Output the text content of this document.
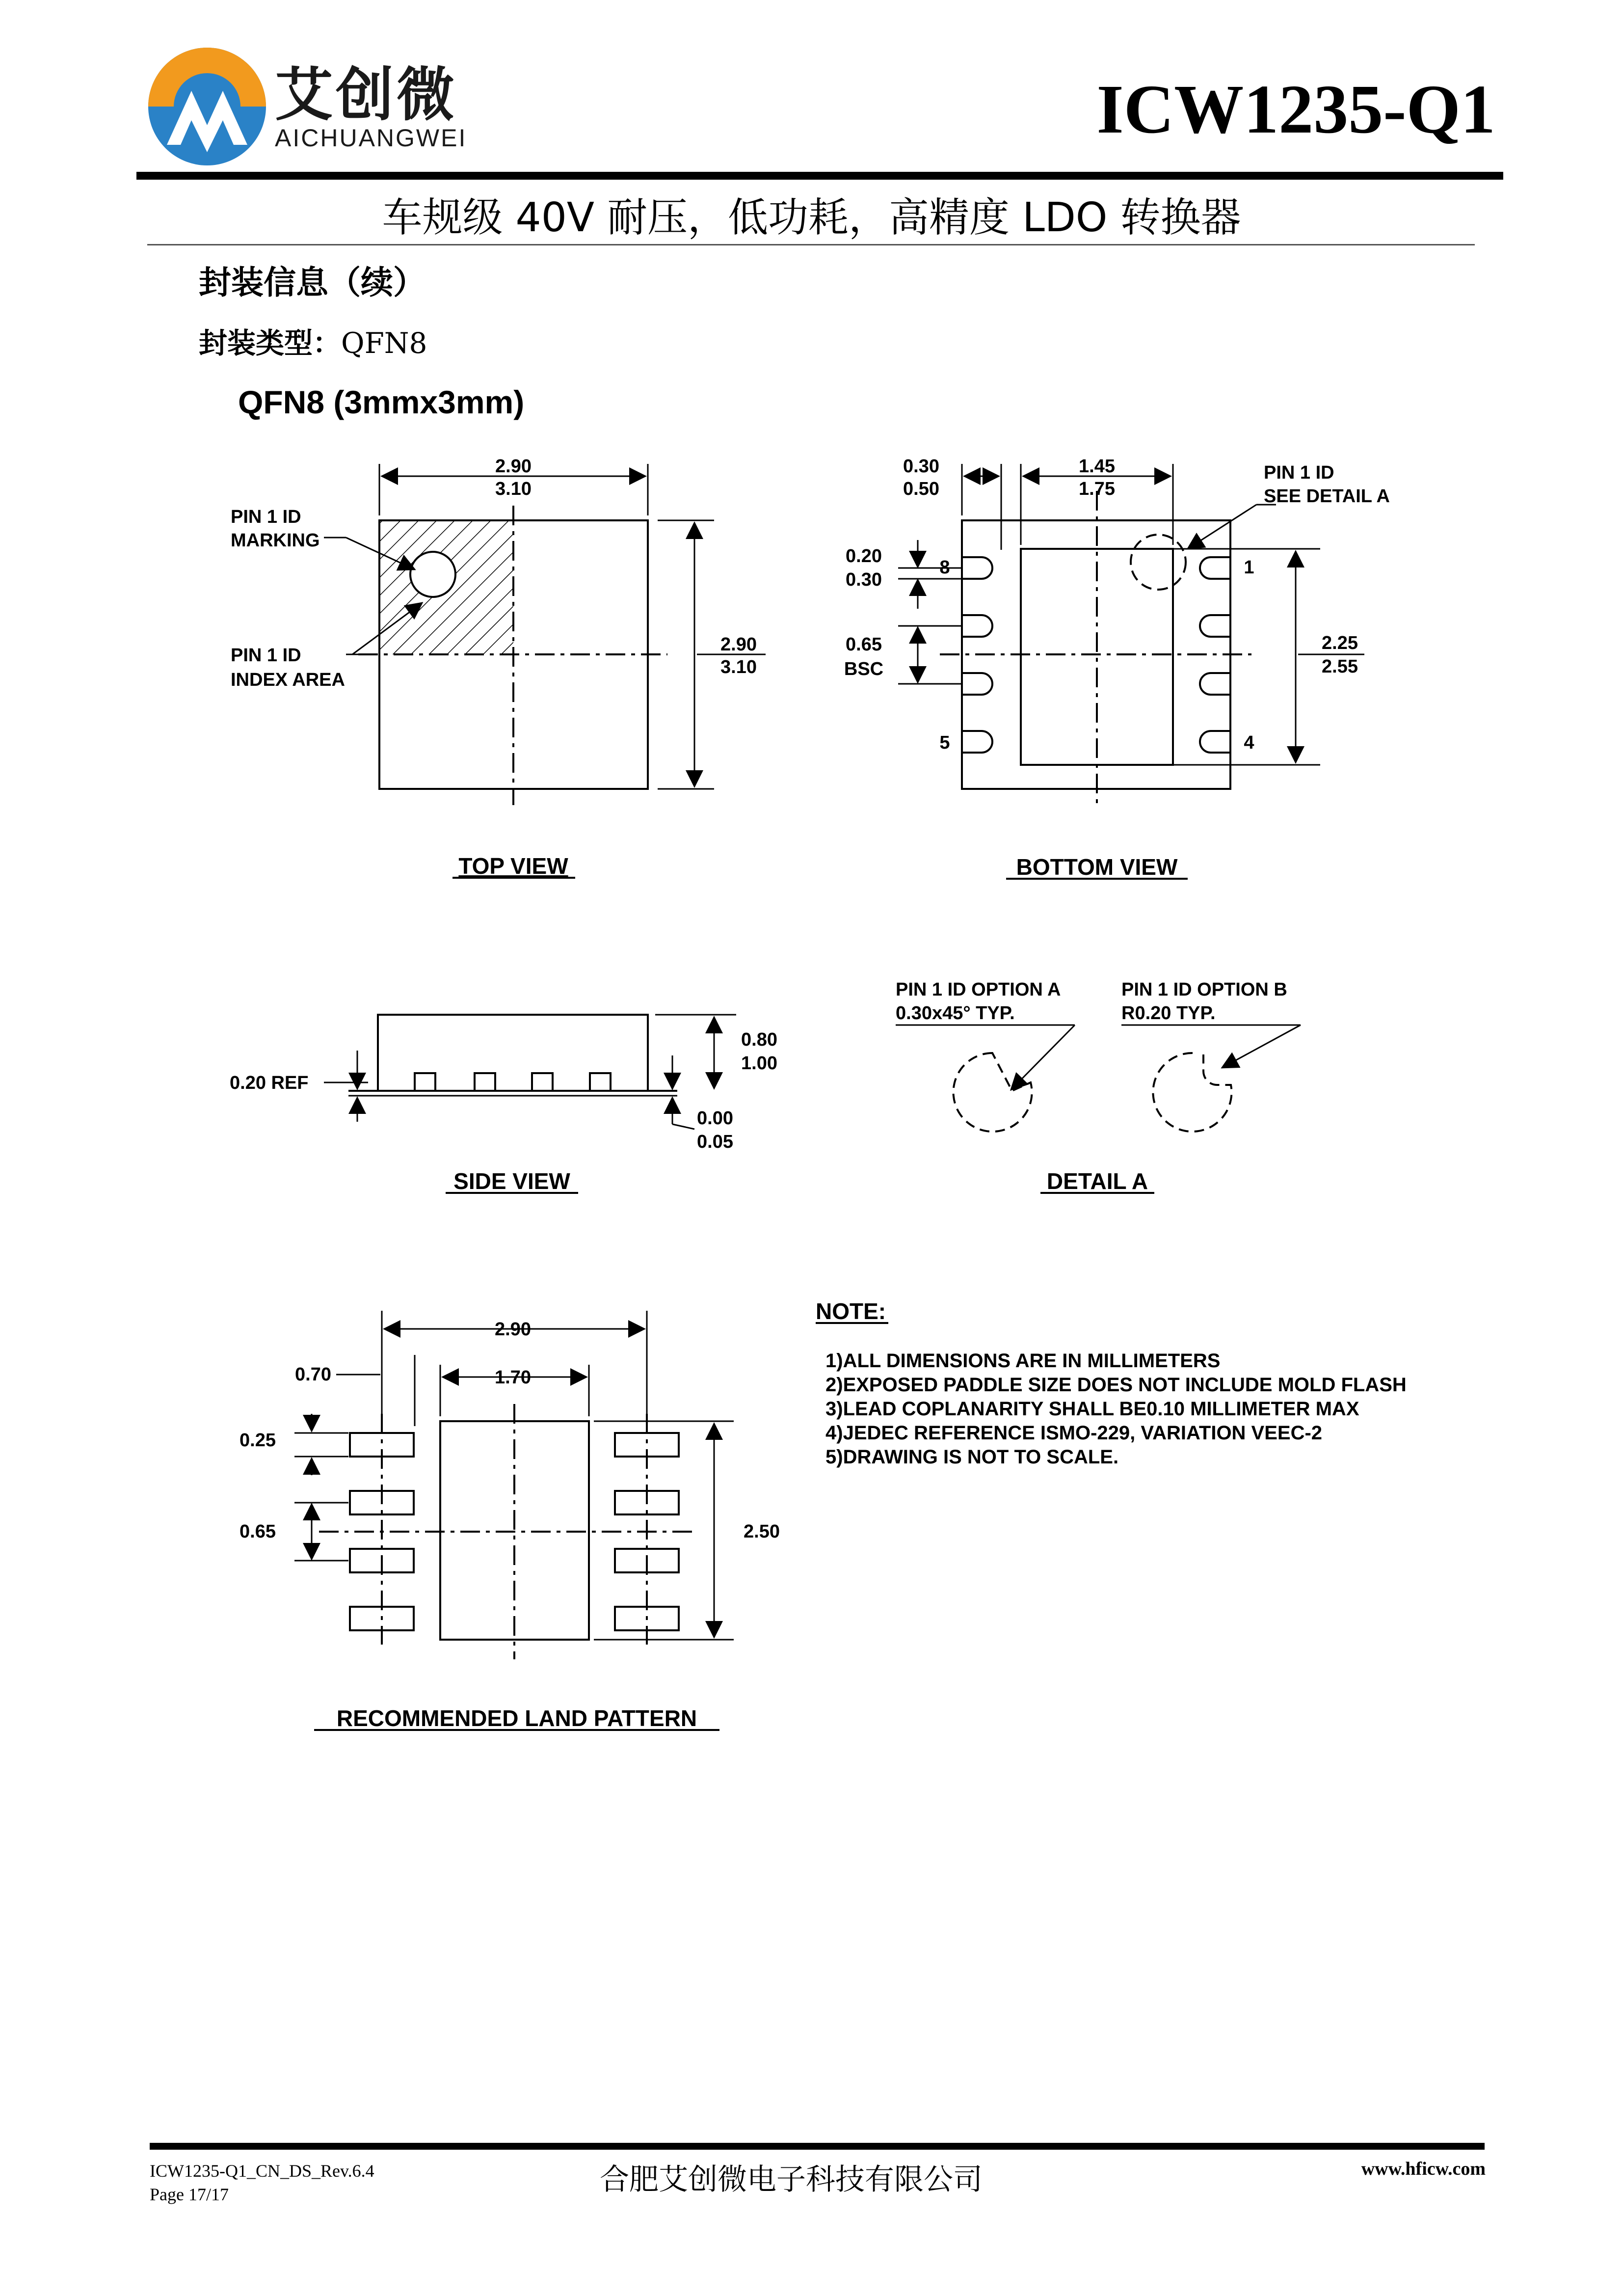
艾创微
AICHUANGWEI	ICW1235-Q1
车规级 40V 耐压，低功耗，高精度 LDO 转换器
封装信息（续）
封装类型：QFN8
QFN8 (3mmx3mm)
2.90
3.10
2.90
3.10
PIN 1 ID
MARKING
PIN 1 ID
INDEX AREA
TOP VIEW
0.30
0.50
1.45
1.75
0.20
0.30
0.65
BSC
2.25
2.55
8
5
1
4
PIN 1 ID
SEE DETAIL A
BOTTOM VIEW
0.20 REF
0.80
1.00
0.00
0.05
SIDE VIEW
PIN 1 ID OPTION A
0.30x45° TYP.
PIN 1 ID OPTION B
R0.20 TYP.
DETAIL A
2.90
0.70	1.70
0.25
0.65	2.50
RECOMMENDED LAND PATTERN
NOTE:
1)ALL DIMENSIONS ARE IN MILLIMETERS
2)EXPOSED PADDLE SIZE DOES NOT INCLUDE MOLD FLASH
3)LEAD COPLANARITY SHALL BE0.10 MILLIMETER MAX
4)JEDEC REFERENCE ISMO-229, VARIATION VEEC-2
5)DRAWING IS NOT TO SCALE.
ICW1235-Q1_CN_DS_Rev.6.4
Page 17/17	合肥艾创微电子科技有限公司	www.hficw.com
